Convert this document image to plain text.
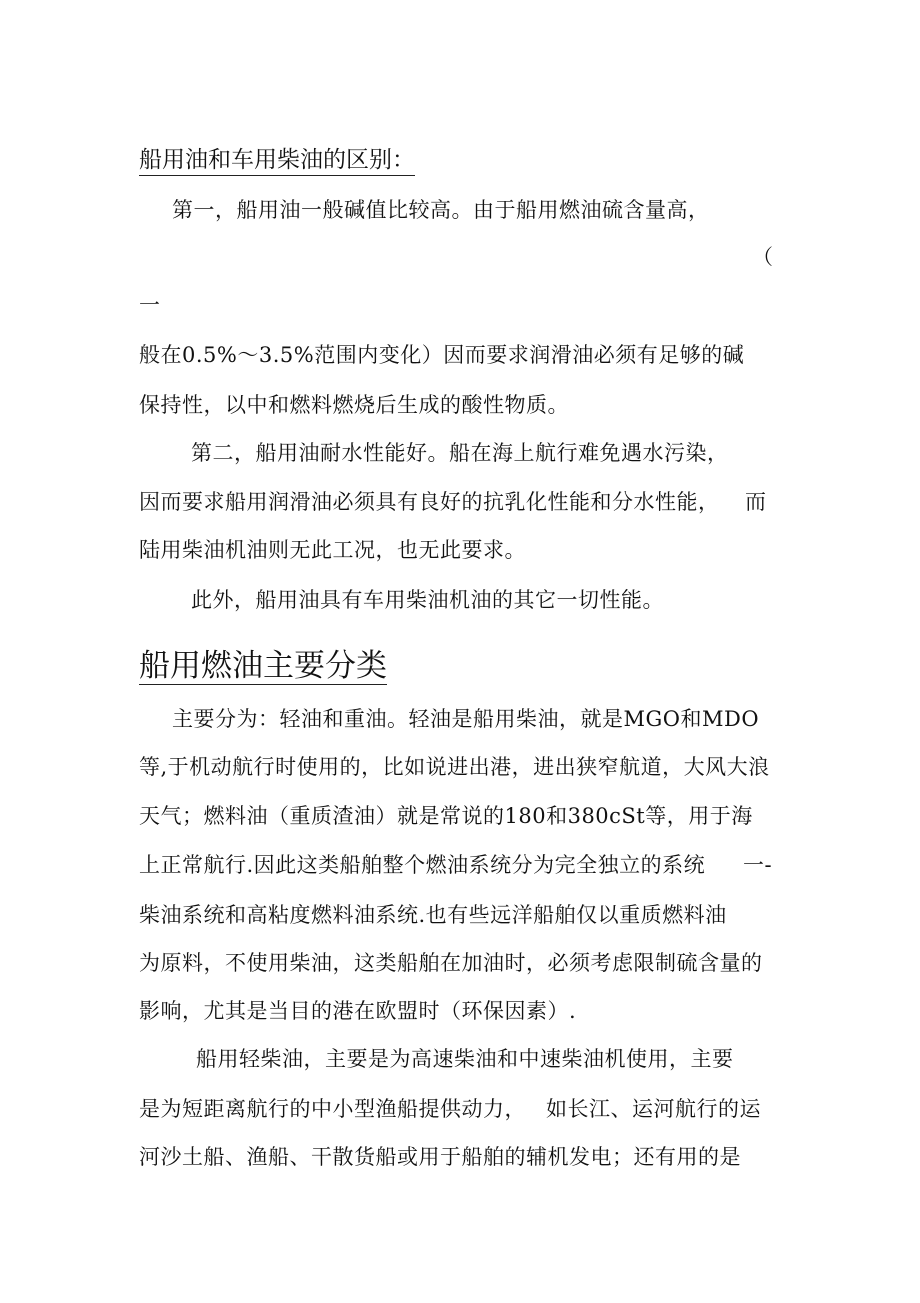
船用油和车用柴油的区别：
第一，船用油一般碱值比较高。由于船用燃油硫含量高，
（
一
般在0.5%～3.5%范围内变化）因而要求润滑油必须有足够的碱
保持性，以中和燃料燃烧后生成的酸性物质。
第二，船用油耐水性能好。船在海上航行难免遇水污染，
因而要求船用润滑油必须具有良好的抗乳化性能和分水性能， 而
陆用柴油机油则无此工况，也无此要求。
此外，船用油具有车用柴油机油的其它一切性能。
船用燃油主要分类
主要分为：轻油和重油。轻油是船用柴油，就是MGO和MDO
等,于机动航行时使用的，比如说进出港，进出狭窄航道，大风大浪
天气；燃料油（重质渣油）就是常说的180和380cSt等，用于海
上正常航行.因此这类船舶整个燃油系统分为完全独立的系统 一-
柴油系统和高粘度燃料油系统.也有些远洋船舶仅以重质燃料油
为原料，不使用柴油，这类船舶在加油时，必须考虑限制硫含量的
影响，尤其是当目的港在欧盟时（环保因素）.
船用轻柴油，主要是为高速柴油和中速柴油机使用，主要
是为短距离航行的中小型渔船提供动力， 如长江、运河航行的运
河沙土船、渔船、干散货船或用于船舶的辅机发电；还有用的是
